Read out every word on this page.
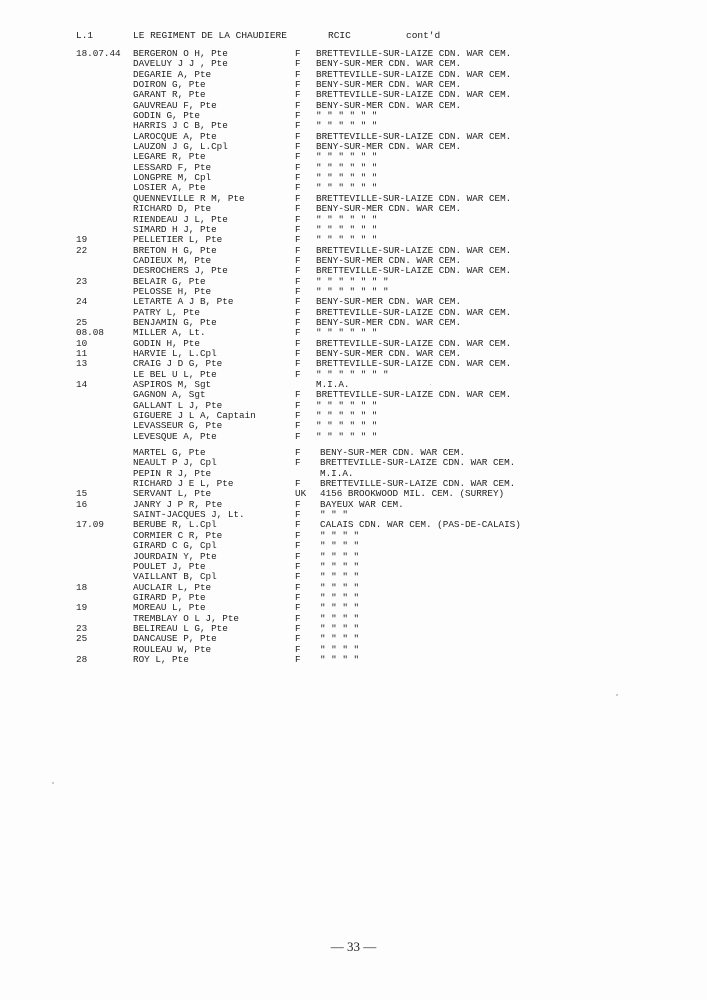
L.1	LE REGIMENT DE LA CHAUDIERE	RCIC	cont'd
18.07.44 BERGERON O H, Pte	F BRETTEVILLE-SUR-LAIZE CDN. WAR CEM.
DAVELUY J J , Pte	F BENY-SUR-MER CDN. WAR CEM.
DEGARIE A, Pte	F BRETTEVILLE-SUR-LAIZE CDN. WAR CEM.
DOIRON G, Pte	F BENY-SUR-MER CDN. WAR CEM.
GARANT R, Pte	F BRETTEVILLE-SUR-LAIZE CDN. WAR CEM.
GAUVREAU F, Pte	F BENY-SUR-MER CDN. WAR CEM.
GODIN G, Pte	F " " " " " "
HARRIS J C B, Pte	F " " " " " "
LAROCQUE A, Pte	F BRETTEVILLE-SUR-LAIZE CDN. WAR CEM.
LAUZON J G, L.Cpl	F BENY-SUR-MER CDN. WAR CEM.
LEGARE R, Pte	F " " " " " "
LESSARD F, Pte	F " " " " " "
LONGPRE M, Cpl	F " " " " " "
LOSIER A, Pte	F " " " " " "
QUENNEVILLE R M, Pte	F BRETTEVILLE-SUR-LAIZE CDN. WAR CEM.
RICHARD D, Pte	F BENY-SUR-MER CDN. WAR CEM.
RIENDEAU J L, Pte	F " " " " " "
SIMARD H J, Pte	F " " " " " "
19	PELLETIER L, Pte	F " " " " " "
22	BRETON H G, Pte	F BRETTEVILLE-SUR-LAIZE CDN. WAR CEM.
CADIEUX M, Pte	F BENY-SUR-MER CDN. WAR CEM.
DESROCHERS J, Pte	F BRETTEVILLE-SUR-LAIZE CDN. WAR CEM.
23	BELAIR G, Pte	F " " " " " " "
PELOSSE H, Pte	F " " " " " " "
24	LETARTE A J B, Pte	F BENY-SUR-MER CDN. WAR CEM.
PATRY L, Pte	F BRETTEVILLE-SUR-LAIZE CDN. WAR CEM.
25	BENJAMIN G, Pte	F BENY-SUR-MER CDN. WAR CEM.
08.08	MILLER A, Lt.	F " " " " " "
10	GODIN H, Pte	F BRETTEVILLE-SUR-LAIZE CDN. WAR CEM.
11	HARVIE L, L.Cpl	F BENY-SUR-MER CDN. WAR CEM.
13	CRAIG J D G, Pte	F BRETTEVILLE-SUR-LAIZE CDN. WAR CEM.
LE BEL U L, Pte	F " " " " " " "
14	ASPIROS M, Sgt	M.I.A.
GAGNON A, Sgt	F BRETTEVILLE-SUR-LAIZE CDN. WAR CEM.
GALLANT L J, Pte	F " " " " " "
GIGUERE J L A, Captain	F " " " " " "
LEVASSEUR G, Pte	F " " " " " "
LEVESQUE A, Pte	F " " " " " "
MARTEL G, Pte	F BENY-SUR-MER CDN. WAR CEM.
NEAULT P J, Cpl	F BRETTEVILLE-SUR-LAIZE CDN. WAR CEM.
PEPIN R J, Pte	M.I.A.
RICHARD J E L, Pte	F BRETTEVILLE-SUR-LAIZE CDN. WAR CEM.
15	SERVANT L, Pte	UK 4156 BROOKWOOD MIL. CEM. (SURREY)
16	JANRY J P R, Pte	F BAYEUX WAR CEM.
SAINT-JACQUES J, Lt.	F " " "
17.09	BERUBE R, L.Cpl	F CALAIS CDN. WAR CEM. (PAS-DE-CALAIS)
CORMIER C R, Pte	F " " " "
GIRARD C G, Cpl	F " " " "
JOURDAIN Y, Pte	F " " " "
POULET J, Pte	F " " " "
VAILLANT B, Cpl	F " " " "
18	AUCLAIR L, Pte	F " " " "
GIRARD P, Pte	F " " " "
19	MOREAU L, Pte	F " " " "
TREMBLAY O L J, Pte	F " " " "
23	BELIREAU L G, Pte	F " " " "
25	DANCAUSE P, Pte	F " " " "
ROULEAU W, Pte	F " " " "
28	ROY L, Pte	F " " " "
— 33 —
